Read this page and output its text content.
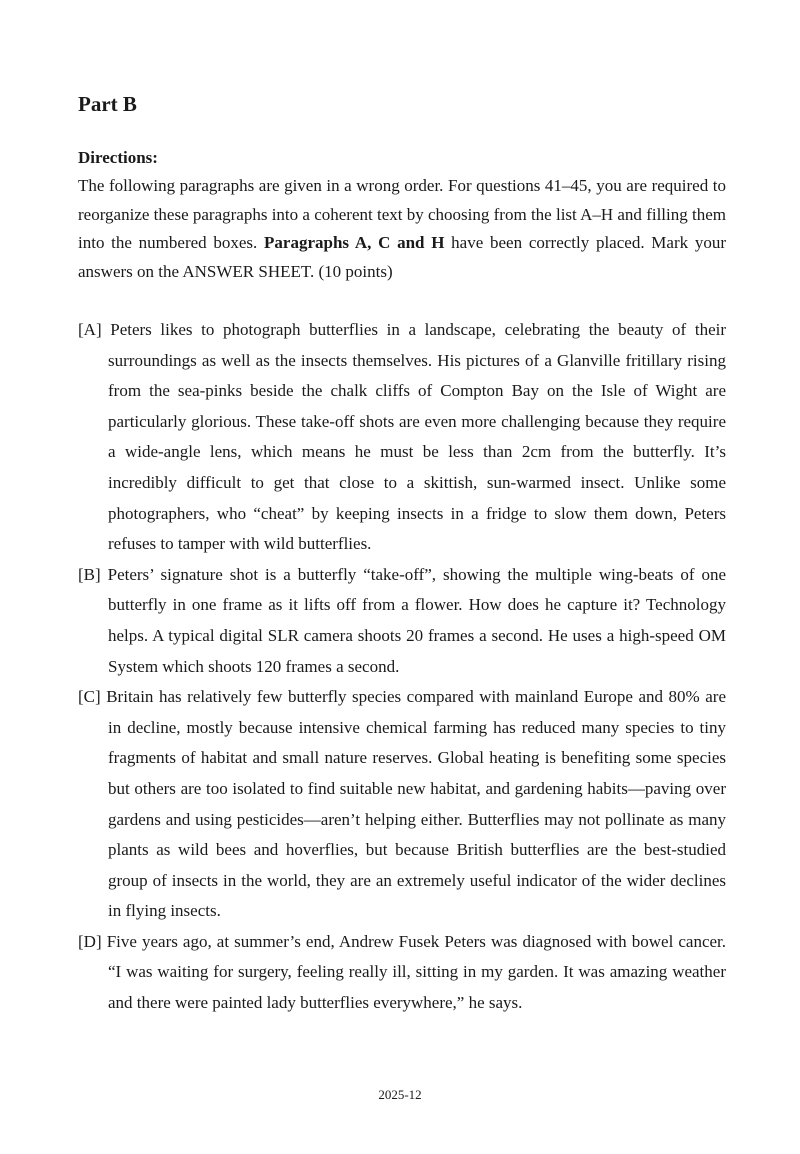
Part B
Directions:

The following paragraphs are given in a wrong order. For questions 41–45, you are required to reorganize these paragraphs into a coherent text by choosing from the list A–H and filling them into the numbered boxes. Paragraphs A, C and H have been correctly placed. Mark your answers on the ANSWER SHEET. (10 points)

[A] Peters likes to photograph butterflies in a landscape, celebrating the beauty of their surroundings as well as the insects themselves. His pictures of a Glanville fritillary rising from the sea-pinks beside the chalk cliffs of Compton Bay on the Isle of Wight are particularly glorious. These take-off shots are even more challenging because they require a wide-angle lens, which means he must be less than 2cm from the butterfly. It’s incredibly difficult to get that close to a skittish, sun-warmed insect. Unlike some photographers, who “cheat” by keeping insects in a fridge to slow them down, Peters refuses to tamper with wild butterflies.

[B] Peters’ signature shot is a butterfly “take-off”, showing the multiple wing-beats of one butterfly in one frame as it lifts off from a flower. How does he capture it? Technology helps. A typical digital SLR camera shoots 20 frames a second. He uses a high-speed OM System which shoots 120 frames a second.

[C] Britain has relatively few butterfly species compared with mainland Europe and 80% are in decline, mostly because intensive chemical farming has reduced many species to tiny fragments of habitat and small nature reserves. Global heating is benefiting some species but others are too isolated to find suitable new habitat, and gardening habits—paving over gardens and using pesticides—aren’t helping either. Butterflies may not pollinate as many plants as wild bees and hoverflies, but because British butterflies are the best-studied group of insects in the world, they are an extremely useful indicator of the wider declines in flying insects.

[D] Five years ago, at summer’s end, Andrew Fusek Peters was diagnosed with bowel cancer. “I was waiting for surgery, feeling really ill, sitting in my garden. It was amazing weather and there were painted lady butterflies everywhere,” he says.

2025-12
